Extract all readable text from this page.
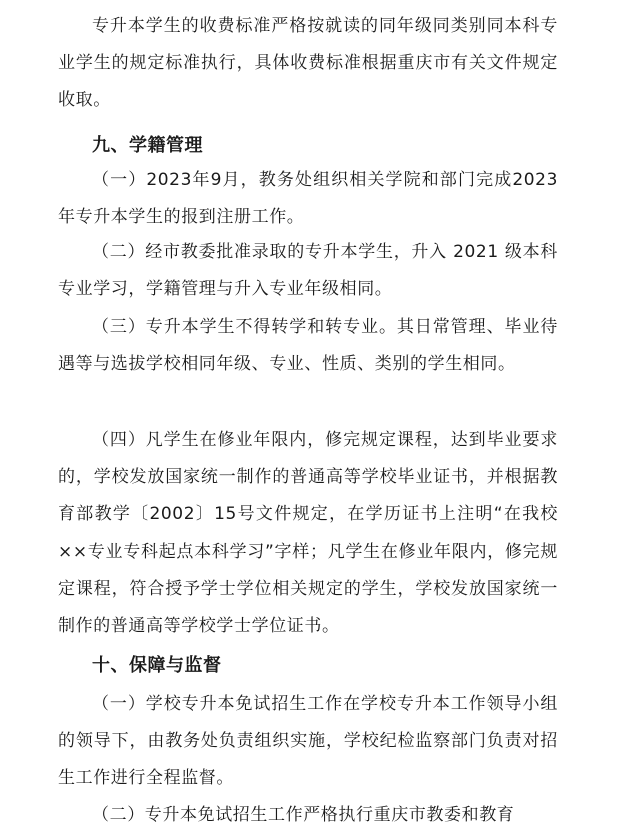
专升本学生的收费标准严格按就读的同年级同类别同本科专业学生的规定标准执行，具体收费标准根据重庆市有关文件规定收取。

九、学籍管理

（一）2023年9月，教务处组织相关学院和部门完成2023年专升本学生的报到注册工作。

（二）经市教委批准录取的专升本学生，升入 2021 级本科专业学习，学籍管理与升入专业年级相同。

（三）专升本学生不得转学和转专业。其日常管理、毕业待遇等与选拔学校相同年级、专业、性质、类别的学生相同。

（四）凡学生在修业年限内，修完规定课程，达到毕业要求的，学校发放国家统一制作的普通高等学校毕业证书，并根据教育部教学〔2002〕15号文件规定，在学历证书上注明“在我校××专业专科起点本科学习”字样；凡学生在修业年限内，修完规定课程，符合授予学士学位相关规定的学生，学校发放国家统一制作的普通高等学校学士学位证书。

十、保障与监督

（一）学校专升本免试招生工作在学校专升本工作领导小组的领导下，由教务处负责组织实施，学校纪检监察部门负责对招生工作进行全程监督。

（二）专升本免试招生工作严格执行重庆市教委和教育
